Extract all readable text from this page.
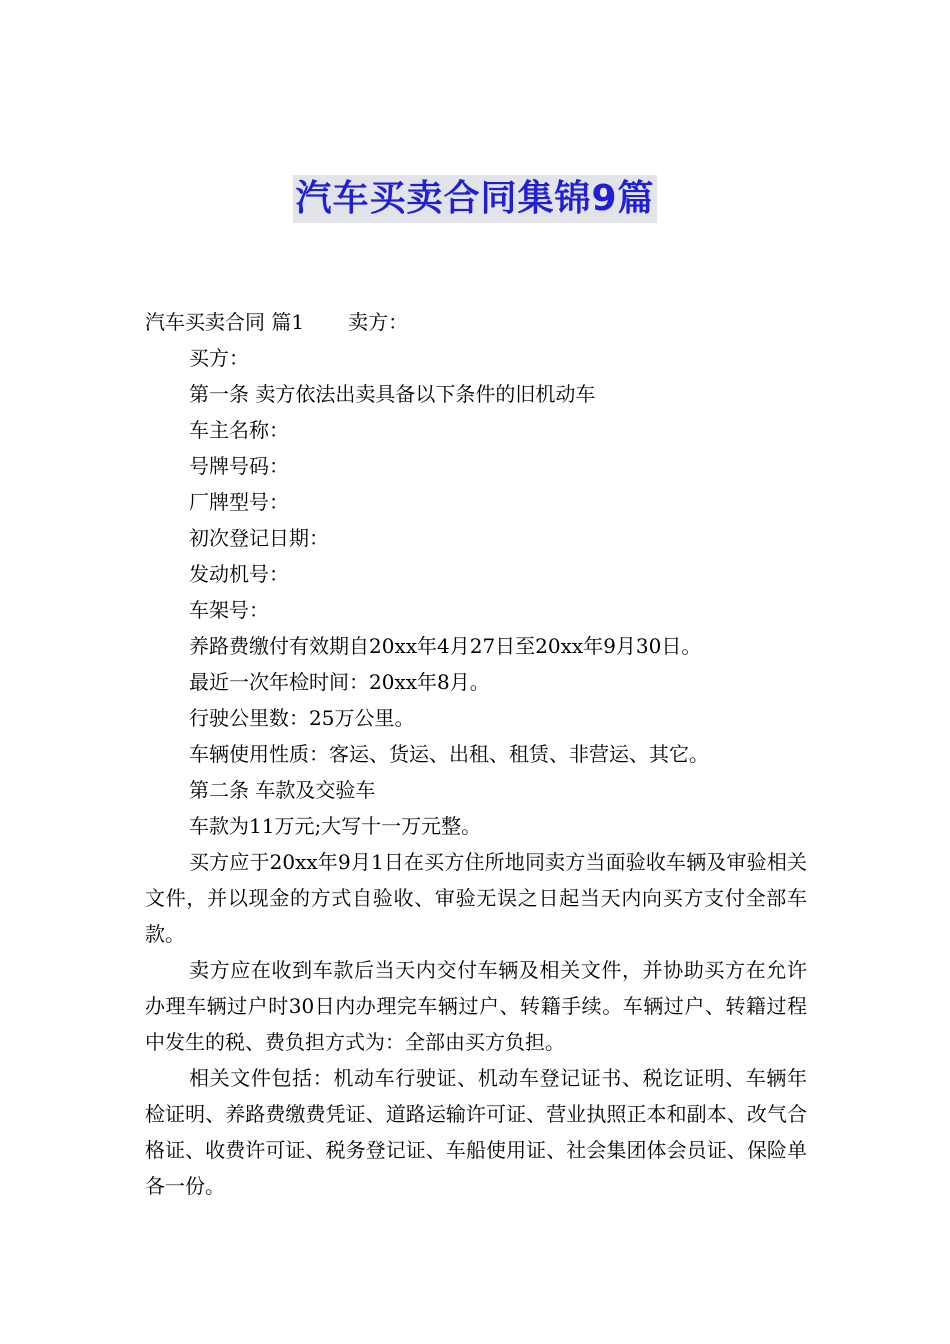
汽车买卖合同集锦9篇

汽车买卖合同 篇1 卖方：

买方：

第一条 卖方依法出卖具备以下条件的旧机动车

车主名称：

号牌号码：

厂牌型号：

初次登记日期：

发动机号：

车架号：

养路费缴付有效期自20xx年4月27日至20xx年9月30日。

最近一次年检时间：20xx年8月。

行驶公里数：25万公里。

车辆使用性质：客运、货运、出租、租赁、非营运、其它。

第二条 车款及交验车

车款为11万元;大写十一万元整。

买方应于20xx年9月1日在买方住所地同卖方当面验收车辆及审验相关文件，并以现金的方式自验收、审验无误之日起当天内向买方支付全部车款。

卖方应在收到车款后当天内交付车辆及相关文件，并协助买方在允许办理车辆过户时30日内办理完车辆过户、转籍手续。车辆过户、转籍过程中发生的税、费负担方式为：全部由买方负担。

相关文件包括：机动车行驶证、机动车登记证书、税讫证明、车辆年检证明、养路费缴费凭证、道路运输许可证、营业执照正本和副本、改气合格证、收费许可证、税务登记证、车船使用证、社会集团体会员证、保险单各一份。
